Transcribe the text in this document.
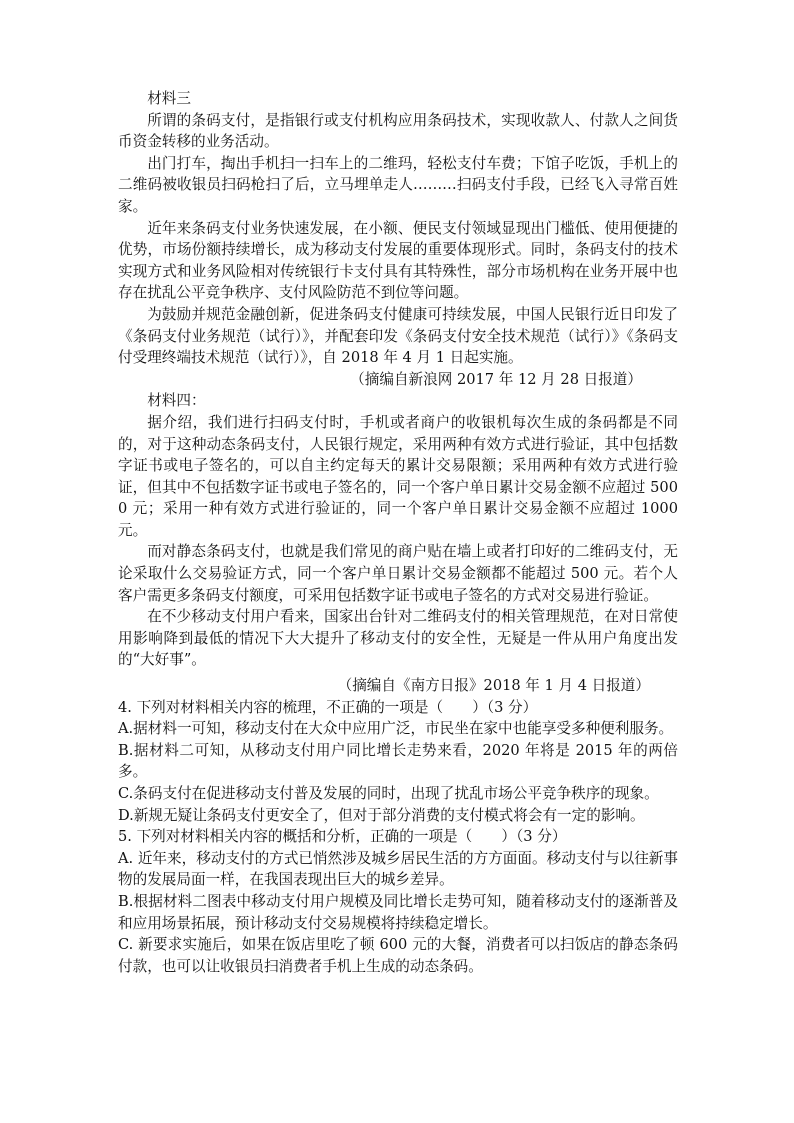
材料三

所谓的条码支付，是指银行或支付机构应用条码技术，实现收款人、付款人之间货币资金转移的业务活动。

出门打车，掏出手机扫一扫车上的二维玛，轻松支付车费；下馆子吃饭，手机上的二维码被收银员扫码枪扫了后，立马埋单走人………扫码支付手段，已经飞入寻常百姓家。

近年来条码支付业务快速发展，在小额、便民支付领域显现出门槛低、使用便捷的优势，市场份额持续增长，成为移动支付发展的重要体现形式。同时，条码支付的技术实现方式和业务风险相对传统银行卡支付具有其特殊性，部分市场机构在业务开展中也存在扰乱公平竞争秩序、支付风险防范不到位等问题。

为鼓励并规范金融创新，促进条码支付健康可持续发展，中国人民银行近日印发了《条码支付业务规范（试行）》，并配套印发《条码支付安全技术规范（试行）》《条码支付受理终端技术规范（试行）》，自 2018 年 4 月 1 日起实施。

（摘编自新浪网 2017 年 12 月 28 日报道）

材料四：

据介绍，我们进行扫码支付时，手机或者商户的收银机每次生成的条码都是不同的，对于这种动态条码支付，人民银行规定，采用两种有效方式进行验证，其中包括数字证书或电子签名的，可以自主约定每天的累计交易限额；采用两种有效方式进行验证，但其中不包括数字证书或电子签名的，同一个客户单日累计交易金额不应超过 5000 元；采用一种有效方式进行验证的，同一个客户单日累计交易金额不应超过 1000 元。

而对静态条码支付，也就是我们常见的商户贴在墙上或者打印好的二维码支付，无论采取什么交易验证方式，同一个客户单日累计交易金额都不能超过 500 元。若个人客户需更多条码支付额度，可采用包括数字证书或电子签名的方式对交易进行验证。

在不少移动支付用户看来，国家出台针对二维码支付的相关管理规范，在对日常使用影响降到最低的情况下大大提升了移动支付的安全性，无疑是一件从用户角度出发的“大好事”。

（摘编自《南方日报》2018 年 1 月 4 日报道）

4. 下列对材料相关内容的梳理，不正确的一项是（　　）（3 分）

A.据材料一可知，移动支付在大众中应用广泛，市民坐在家中也能享受多种便利服务。

B.据材料二可知，从移动支付用户同比增长走势来看，2020 年将是 2015 年的两倍多。

C.条码支付在促进移动支付普及发展的同时，出现了扰乱市场公平竞争秩序的现象。

D.新规无疑让条码支付更安全了，但对于部分消费的支付模式将会有一定的影响。

5. 下列对材料相关内容的概括和分析，正确的一项是（　　）（3 分）

A. 近年来，移动支付的方式已悄然涉及城乡居民生活的方方面面。移动支付与以往新事物的发展局面一样，在我国表现出巨大的城乡差异。

B.根据材料二图表中移动支付用户规模及同比增长走势可知，随着移动支付的逐渐普及和应用场景拓展，预计移动支付交易规模将持续稳定增长。

C. 新要求实施后，如果在饭店里吃了顿 600 元的大餐，消费者可以扫饭店的静态条码付款，也可以让收银员扫消费者手机上生成的动态条码。
